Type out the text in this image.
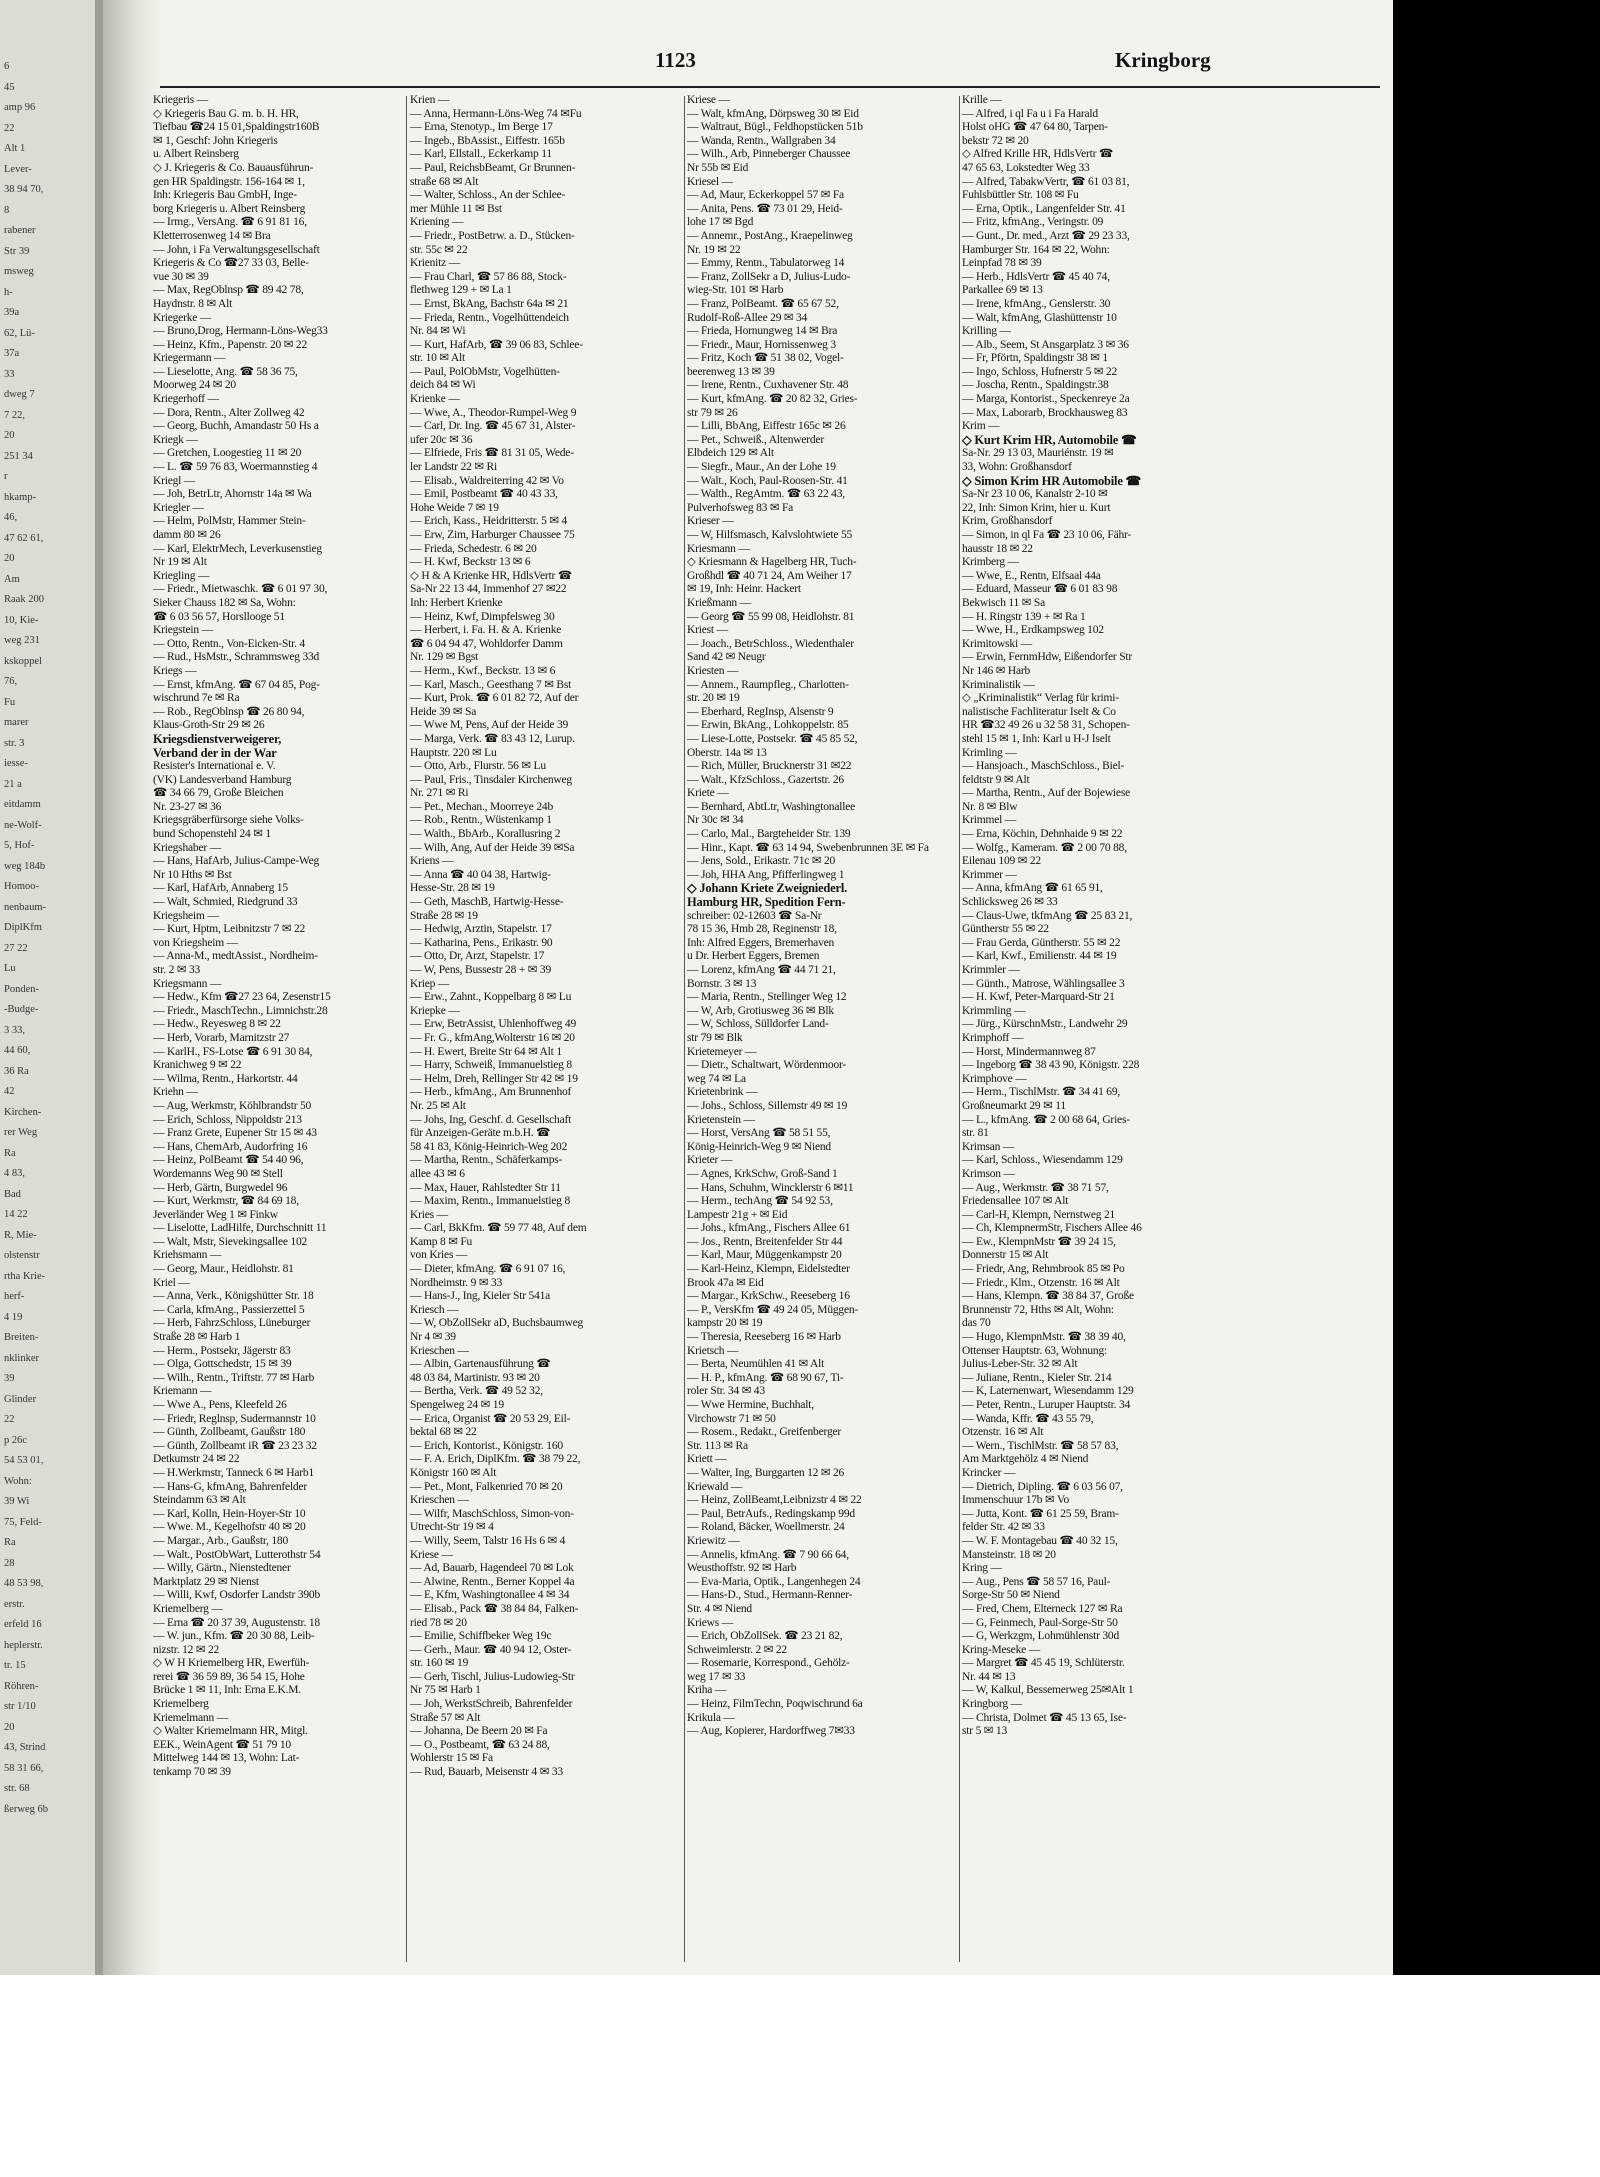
6
45
amp 96
22
Alt 1
Lever-
38 94 70,
8
rabener
Str 39
msweg
h-
39a
62, Lü-
37a
33
dweg 7
7 22,
20
251 34
r
hkamp-
46,
47 62 61,
20
Am
Raak 200
10, Kie-
weg 231
kskoppel
76,
Fu
marer
str. 3
iesse-
21 a
eitdamm
ne-Wolf-
5, Hof-
weg 184b
Homoo-
nenbaum-
DiplKfm
27 22
Lu
Ponden-
-Budge-
3 33,
44 60,
36 Ra
42
Kirchen-
rer Weg
Ra
4 83,
Bad
14 22
R, Mie-
olstenstr
rtha Krie-
herf-
4 19
Breiten-
nklinker
39
Glinder
22
p 26c
54 53 01,
Wohn:
39 Wi
75, Feld-
Ra
28
48 53 98,
erstr.
erfeld 16
heplerstr.
tr. 15
Röhren-
str 1/10
20
43, Strind
58 31 66,
str. 68
ßerweg 6b
1123	Kringborg
Kriegeris —
◇ Kriegeris Bau G. m. b. H. HR,
Tiefbau ☎24 15 01,Spaldingstr160B
✉ 1, Geschf: John Kriegeris
u. Albert Reinsberg
◇ J. Kriegeris & Co. Bauausführun-
gen HR Spaldingstr. 156-164 ✉ 1,
Inh: Kriegeris Bau GmbH, Inge-
borg Kriegeris u. Albert Reinsberg
— Irmg., VersAng. ☎ 6 91 81 16,
Kletterrosenweg 14 ✉ Bra
— John, i Fa Verwaltungsgesellschaft
Kriegeris & Co ☎27 33 03, Belle-
vue 30 ✉ 39
— Max, RegOblnsp ☎ 89 42 78,
Haydnstr. 8 ✉ Alt
Kriegerke —
— Bruno,Drog, Hermann-Löns-Weg33
— Heinz, Kfm., Papenstr. 20 ✉ 22
Kriegermann —
— Lieselotte, Ang. ☎ 58 36 75,
Moorweg 24 ✉ 20
Kriegerhoff —
— Dora, Rentn., Alter Zollweg 42
— Georg, Buchh, Amandastr 50 Hs a
Kriegk —
— Gretchen, Loogestieg 11 ✉ 20
— L. ☎ 59 76 83, Woermannstieg 4
Kriegl —
— Joh, BetrLtr, Ahornstr 14a ✉ Wa
Kriegler —
— Helm, PolMstr, Hammer Stein-
damm 80 ✉ 26
— Karl, ElektrMech, Leverkusenstieg
Nr 19 ✉ Alt
Kriegling —
— Friedr., Mietwaschk. ☎ 6 01 97 30,
Sieker Chauss 182 ✉ Sa, Wohn:
☎ 6 03 56 57, Horsllooge 51
Kriegstein —
— Otto, Rentn., Von-Eicken-Str. 4
— Rud., HsMstr., Schrammsweg 33d
Kriegs —
— Ernst, kfmAng. ☎ 67 04 85, Pog-
wischrund 7e ✉ Ra
— Rob., RegOblnsp ☎ 26 80 94,
Klaus-Groth-Str 29 ✉ 26
Kriegsdienstverweigerer,
Verband der in der War
Resister's International e. V.
(VK) Landesverband Hamburg
☎ 34 66 79, Große Bleichen
Nr. 23-27 ✉ 36
Kriegsgräberfürsorge siehe Volks-
bund Schopenstehl 24 ✉ 1
Kriegshaber —
— Hans, HafArb, Julius-Campe-Weg
Nr 10 Hths ✉ Bst
— Karl, HafArb, Annaberg 15
— Walt, Schmied, Riedgrund 33
Kriegsheim —
— Kurt, Hptm, Leibnitzstr 7 ✉ 22
von Kriegsheim —
— Anna-M., medtAssist., Nordheim-
str. 2 ✉ 33
Kriegsmann —
— Hedw., Kfm ☎27 23 64, Zesenstr15
— Friedr., MaschTechn., Limnichstr.28
— Hedw., Reyesweg 8 ✉ 22
— Herb, Vorarb, Marnitzstr 27
— KarlH., FS-Lotse ☎ 6 91 30 84,
Kranichweg 9 ✉ 22
— Wilma, Rentn., Harkortstr. 44
Kriehn —
— Aug, Werkmstr, Köhlbrandstr 50
— Erich, Schloss, Nippoldstr 213
— Franz Grete, Eupener Str 15 ✉ 43
— Hans, ChemArb, Audorfring 16
— Heinz, PolBeamt ☎ 54 40 96,
Wordemanns Weg 90 ✉ Stell
— Herb, Gärtn, Burgwedel 96
— Kurt, Werkmstr, ☎ 84 69 18,
Jeverländer Weg 1 ✉ Finkw
— Liselotte, LadHilfe, Durchschnitt 11
— Walt, Mstr, Sievekingsallee 102
Kriehsmann —
— Georg, Maur., Heidlohstr. 81
Kriel —
— Anna, Verk., Königshütter Str. 18
— Carla, kfmAng., Passierzettel 5
— Herb, FahrzSchloss, Lüneburger
Straße 28 ✉ Harb 1
— Herm., Postsekr, Jägerstr 83
— Olga, Gottschedstr, 15 ✉ 39
— Wilh., Rentn., Triftstr. 77 ✉ Harb
Kriemann —
— Wwe A., Pens, Kleefeld 26
— Friedr, Reglnsp, Sudermannstr 10
— Günth, Zollbeamt, Gaußstr 180
— Günth, Zollbeamt iR ☎ 23 23 32
Detkumstr 24 ✉ 22
— H.Werkmstr, Tanneck 6 ✉ Harb1
— Hans-G, kfmAng, Bahrenfelder
Steindamm 63 ✉ Alt
— Karl, Kolln, Hein-Hoyer-Str 10
— Wwe. M., Kegelhofstr 40 ✉ 20
— Margar., Arb., Gaußstr, 180
— Walt., PostObWart, Lutterothstr 54
— Willy, Gärtn., Nienstedtener
Marktplatz 29 ✉ Nienst
— Willi, Kwf, Osdorfer Landstr 390b
Kriemelberg —
— Erna ☎ 20 37 39, Augustenstr. 18
— W. jun., Kfm. ☎ 20 30 88, Leib-
nizstr. 12 ✉ 22
◇ W H Kriemelberg HR, Ewerfüh-
rerei ☎ 36 59 89, 36 54 15, Hohe
Brücke 1 ✉ 11, Inh: Erna E.K.M.
Kriemelberg
Kriemelmann —
◇ Walter Kriemelmann HR, Mitgl.
EEK., WeinAgent ☎ 51 79 10
Mittelweg 144 ✉ 13, Wohn: Lat-
tenkamp 70 ✉ 39
Krien —
— Anna, Hermann-Löns-Weg 74 ✉Fu
— Erna, Stenotyp., Im Berge 17
— Ingeb., BbAssist., Eiffestr. 165b
— Karl, Ellstall., Eckerkamp 11
— Paul, ReichsbBeamt, Gr Brunnen-
straße 68 ✉ Alt
— Walter, Schloss., An der Schlee-
mer Mühle 11 ✉ Bst
Kriening —
— Friedr., PostBetrw. a. D., Stücken-
str. 55c ✉ 22
Krienitz —
— Frau Charl, ☎ 57 86 88, Stock-
flethweg 129 + ✉ La 1
— Ernst, BkAng, Bachstr 64a ✉ 21
— Frieda, Rentn., Vogelhüttendeich
Nr. 84 ✉ Wi
— Kurt, HafArb, ☎ 39 06 83, Schlee-
str. 10 ✉ Alt
— Paul, PolObMstr, Vogelhütten-
deich 84 ✉ Wi
Krienke —
— Wwe, A., Theodor-Rumpel-Weg 9
— Carl, Dr. Ing. ☎ 45 67 31, Alster-
ufer 20c ✉ 36
— Elfriede, Fris ☎ 81 31 05, Wede-
ler Landstr 22 ✉ Ri
— Elisab., Waldreiterring 42 ✉ Vo
— Emil, Postbeamt ☎ 40 43 33,
Hohe Weide 7 ✉ 19
— Erich, Kass., Heidritterstr. 5 ✉ 4
— Erw, Zim, Harburger Chaussee 75
— Frieda, Schedestr. 6 ✉ 20
— H. Kwf, Beckstr 13 ✉ 6
◇ H & A Krienke HR, HdlsVertr ☎
Sa-Nr 22 13 44, Immenhof 27 ✉22
Inh: Herbert Krienke
— Heinz, Kwf, Dimpfelsweg 30
— Herbert, i. Fa. H. & A. Krienke
☎ 6 04 94 47, Wohldorfer Damm
Nr. 129 ✉ Bgst
— Herm., Kwf., Beckstr. 13 ✉ 6
— Karl, Masch., Geesthang 7 ✉ Bst
— Kurt, Prok. ☎ 6 01 82 72, Auf der
Heide 39 ✉ Sa
— Wwe M, Pens, Auf der Heide 39
— Marga, Verk. ☎ 83 43 12, Lurup.
Hauptstr. 220 ✉ Lu
— Otto, Arb., Flurstr. 56 ✉ Lu
— Paul, Fris., Tinsdaler Kirchenweg
Nr. 271 ✉ Ri
— Pet., Mechan., Moorreye 24b
— Rob., Rentn., Wüstenkamp 1
— Walth., BbArb., Korallusring 2
— Wilh, Ang, Auf der Heide 39 ✉Sa
Kriens —
— Anna ☎ 40 04 38, Hartwig-
Hesse-Str. 28 ✉ 19
— Geth, MaschB, Hartwig-Hesse-
Straße 28 ✉ 19
— Hedwig, Arztin, Stapelstr. 17
— Katharina, Pens., Erikastr. 90
— Otto, Dr, Arzt, Stapelstr. 17
— W, Pens, Bussestr 28 + ✉ 39
Kriep —
— Erw., Zahnt., Koppelbarg 8 ✉ Lu
Kriepke —
— Erw, BetrAssist, Uhlenhoffweg 49
— Fr. G., kfmAng,Wolterstr 16 ✉ 20
— H. Ewert, Breite Str 64 ✉ Alt 1
— Harry, Schweiß, Immanuelstieg 8
— Helm, Dreh, Rellinger Str 42 ✉ 19
— Herb., kfmAng., Am Brunnenhof
Nr. 25 ✉ Alt
— Johs, Ing, Geschf. d. Gesellschaft
für Anzeigen-Geräte m.b.H. ☎
58 41 83, König-Heinrich-Weg 202
— Martha, Rentn., Schäferkamps-
allee 43 ✉ 6
— Max, Hauer, Rahlstedter Str 11
— Maxim, Rentn., Immanuelstieg 8
Kries —
— Carl, BkKfm. ☎ 59 77 48, Auf dem
Kamp 8 ✉ Fu
von Kries —
— Dieter, kfmAng. ☎ 6 91 07 16,
Nordheimstr. 9 ✉ 33
— Hans-J., Ing, Kieler Str 541a
Kriesch —
— W, ObZollSekr aD, Buchsbaumweg
Nr 4 ✉ 39
Krieschen —
— Albin, Gartenausführung ☎
48 03 84, Martinistr. 93 ✉ 20
— Bertha, Verk. ☎ 49 52 32,
Spengelweg 24 ✉ 19
— Erica, Organist ☎ 20 53 29, Eil-
bektal 68 ✉ 22
— Erich, Kontorist., Königstr. 160
— F. A. Erich, DiplKfm. ☎ 38 79 22,
Königstr 160 ✉ Alt
— Pet., Mont, Falkenried 70 ✉ 20
Krieschen —
— Wilfr, MaschSchloss, Simon-von-
Utrecht-Str 19 ✉ 4
— Willy, Seem, Talstr 16 Hs 6 ✉ 4
Kriese —
— Ad, Bauarb, Hagendeel 70 ✉ Lok
— Alwine, Rentn., Berner Koppel 4a
— E, Kfm, Washingtonallee 4 ✉ 34
— Elisab., Pack ☎ 38 84 84, Falken-
ried 78 ✉ 20
— Emilie, Schiffbeker Weg 19c
— Gerh., Maur. ☎ 40 94 12, Oster-
str. 160 ✉ 19
— Gerh, Tischl, Julius-Ludowieg-Str
Nr 75 ✉ Harb 1
— Joh, WerkstSchreib, Bahrenfelder
Straße 57 ✉ Alt
— Johanna, De Beern 20 ✉ Fa
— O., Postbeamt, ☎ 63 24 88,
Wohlerstr 15 ✉ Fa
— Rud, Bauarb, Meisenstr 4 ✉ 33
Kriese —
— Walt, kfmAng, Dörpsweg 30 ✉ Eid
— Waltraut, Bügl., Feldhopstücken 51b
— Wanda, Rentn., Wallgraben 34
— Wilh., Arb, Pinneberger Chaussee
Nr 55b ✉ Eid
Kriesel —
— Ad, Maur, Eckerkoppel 57 ✉ Fa
— Anita, Pens. ☎ 73 01 29, Heid-
lohe 17 ✉ Bgd
— Annemr., PostAng., Kraepelinweg
Nr. 19 ✉ 22
— Emmy, Rentn., Tabulatorweg 14
— Franz, ZollSekr a D, Julius-Ludo-
wieg-Str. 101 ✉ Harb
— Franz, PolBeamt. ☎ 65 67 52,
Rudolf-Roß-Allee 29 ✉ 34
— Frieda, Hornungweg 14 ✉ Bra
— Friedr., Maur, Hornissenweg 3
— Fritz, Koch ☎ 51 38 02, Vogel-
beerenweg 13 ✉ 39
— Irene, Rentn., Cuxhavener Str. 48
— Kurt, kfmAng. ☎ 20 82 32, Gries-
str 79 ✉ 26
— Lilli, BbAng, Eiffestr 165c ✉ 26
— Pet., Schweiß., Altenwerder
Elbdeich 129 ✉ Alt
— Siegfr., Maur., An der Lohe 19
— Walt., Koch, Paul-Roosen-Str. 41
— Walth., RegAmtm. ☎ 63 22 43,
Pulverhofsweg 83 ✉ Fa
Krieser —
— W, Hilfsmasch, Kalvslohtwiete 55
Kriesmann —
◇ Kriesmann & Hagelberg HR, Tuch-
Großhdl ☎ 40 71 24, Am Weiher 17
✉ 19, Inh: Heinr. Hackert
Krießmann —
— Georg ☎ 55 99 08, Heidlohstr. 81
Kriest —
— Joach., BetrSchloss., Wiedenthaler
Sand 42 ✉ Neugr
Kriesten —
— Annem., Raumpfleg., Charlotten-
str. 20 ✉ 19
— Eberhard, RegInsp, Alsenstr 9
— Erwin, BkAng., Lohkoppelstr. 85
— Liese-Lotte, Postsekr. ☎ 45 85 52,
Oberstr. 14a ✉ 13
— Rich, Müller, Brucknerstr 31 ✉22
— Walt., KfzSchloss., Gazertstr. 26
Kriete —
— Bernhard, AbtLtr, Washingtonallee
Nr 30c ✉ 34
— Carlo, Mal., Bargteheider Str. 139
— Hinr., Kapt. ☎ 63 14 94, Swebenbrunnen 3E ✉ Fa
— Jens, Sold., Erikastr. 71c ✉ 20
— Joh, HHA Ang, Pfifferlingweg 1
◇ Johann Kriete Zweigniederl.
Hamburg HR, Spedition Fern-
schreiber: 02-12603 ☎ Sa-Nr
78 15 36, Hmb 28, Reginenstr 18,
Inh: Alfred Eggers, Bremerhaven
u Dr. Herbert Eggers, Bremen
— Lorenz, kfmAng ☎ 44 71 21,
Bornstr. 3 ✉ 13
— Maria, Rentn., Stellinger Weg 12
— W, Arb, Grotiusweg 36 ✉ Blk
— W, Schloss, Sülldorfer Land-
str 79 ✉ Blk
Krietemeyer —
— Dietr., Schaltwart, Wördenmoor-
weg 74 ✉ La
Krietenbrink —
— Johs., Schloss, Sillemstr 49 ✉ 19
Krietenstein —
— Horst, VersAng ☎ 58 51 55,
König-Heinrich-Weg 9 ✉ Niend
Krieter —
— Agnes, KrkSchw, Groß-Sand 1
— Hans, Schuhm, Wincklerstr 6 ✉11
— Herm., techAng ☎ 54 92 53,
Lampestr 21g + ✉ Eid
— Johs., kfmAng., Fischers Allee 61
— Jos., Rentn, Breitenfelder Str 44
— Karl, Maur, Müggenkampstr 20
— Karl-Heinz, Klempn, Eidelstedter
Brook 47a ✉ Eid
— Margar., KrkSchw., Reeseberg 16
— P., VersKfm ☎ 49 24 05, Müggen-
kampstr 20 ✉ 19
— Theresia, Reeseberg 16 ✉ Harb
Krietsch —
— Berta, Neumühlen 41 ✉ Alt
— H. P., kfmAng. ☎ 68 90 67, Ti-
roler Str. 34 ✉ 43
— Wwe Hermine, Buchhalt,
Virchowstr 71 ✉ 50
— Rosem., Redakt., Greifenberger
Str. 113 ✉ Ra
Kriett —
— Walter, Ing, Burggarten 12 ✉ 26
Kriewald —
— Heinz, ZollBeamt,Leibnizstr 4 ✉ 22
— Paul, BetrAufs., Redingskamp 99d
— Roland, Bäcker, Woellmerstr. 24
Kriewitz —
— Annelis, kfmAng. ☎ 7 90 66 64,
Weusthoffstr. 92 ✉ Harb
— Eva-Maria, Optik., Langenhegen 24
— Hans-D., Stud., Hermann-Renner-
Str. 4 ✉ Niend
Kriews —
— Erich, ObZollSek. ☎ 23 21 82,
Schweimlerstr. 2 ✉ 22
— Rosemarie, Korrespond., Gehölz-
weg 17 ✉ 33
Kriha —
— Heinz, FilmTechn, Poqwischrund 6a
Krikula —
— Aug, Kopierer, Hardorffweg 7✉33
Krille —
— Alfred, i ql Fa u i Fa Harald
Holst oHG ☎ 47 64 80, Tarpen-
bekstr 72 ✉ 20
◇ Alfred Krille HR, HdlsVertr ☎
47 65 63, Lokstedter Weg 33
— Alfred, TabakwVertr, ☎ 61 03 81,
Fuhlsbüttler Str. 108 ✉ Fu
— Erna, Optik., Langenfelder Str. 41
— Fritz, kfmAng., Veringstr. 09
— Gunt., Dr. med., Arzt ☎ 29 23 33,
Hamburger Str. 164 ✉ 22, Wohn:
Leinpfad 78 ✉ 39
— Herb., HdlsVertr ☎ 45 40 74,
Parkallee 69 ✉ 13
— Irene, kfmAng., Genslerstr. 30
— Walt, kfmAng, Glashüttenstr 10
Krilling —
— Alb., Seem, St Ansgarplatz 3 ✉ 36
— Fr, Pförtn, Spaldingstr 38 ✉ 1
— Ingo, Schloss, Hufnerstr 5 ✉ 22
— Joscha, Rentn., Spaldingstr.38
— Marga, Kontorist., Speckenreye 2a
— Max, Laborarb, Brockhausweg 83
Krim —
◇ Kurt Krim HR, Automobile ☎
Sa-Nr. 29 13 03, Mauriénstr. 19 ✉
33, Wohn: Großhansdorf
◇ Simon Krim HR Automobile ☎
Sa-Nr 23 10 06, Kanalstr 2-10 ✉
22, Inh: Simon Krim, hier u. Kurt
Krim, Großhansdorf
— Simon, in ql Fa ☎ 23 10 06, Fähr-
hausstr 18 ✉ 22
Krimberg —
— Wwe, E., Rentn, Elfsaal 44a
— Eduard, Masseur ☎ 6 01 83 98
Bekwisch 11 ✉ Sa
— H. Ringstr 139 + ✉ Ra 1
— Wwe, H., Erdkampsweg 102
Krimitowski —
— Erwin, FernmHdw, Eißendorfer Str
Nr 146 ✉ Harb
Kriminalistik —
◇ „Kriminalistik“ Verlag für krimi-
nalistische Fachliteratur Iselt & Co
HR ☎32 49 26 u 32 58 31, Schopen-
stehl 15 ✉ 1, Inh: Karl u H-J Iselt
Krimling —
— Hansjoach., MaschSchloss., Biel-
feldtstr 9 ✉ Alt
— Martha, Rentn., Auf der Bojewiese
Nr. 8 ✉ Blw
Krimmel —
— Erna, Köchin, Dehnhaide 9 ✉ 22
— Wolfg., Kameram. ☎ 2 00 70 88,
Eilenau 109 ✉ 22
Krimmer —
— Anna, kfmAng ☎ 61 65 91,
Schlicksweg 26 ✉ 33
— Claus-Uwe, tkfmAng ☎ 25 83 21,
Güntherstr 55 ✉ 22
— Frau Gerda, Güntherstr. 55 ✉ 22
— Karl, Kwf., Emilienstr. 44 ✉ 19
Krimmler —
— Günth., Matrose, Wählingsallee 3
— H. Kwf, Peter-Marquard-Str 21
Krimmling —
— Jürg., KürschnMstr., Landwehr 29
Krimphoff —
— Horst, Mindermannweg 87
— Ingeborg ☎ 38 43 90, Königstr. 228
Krimphove —
— Herm., TischlMstr. ☎ 34 41 69,
Großneumarkt 29 ✉ 11
— L., kfmAng. ☎ 2 00 68 64, Gries-
str. 81
Krimsan —
— Karl, Schloss., Wiesendamm 129
Krimson —
— Aug., Werkmstr. ☎ 38 71 57,
Friedensallee 107 ✉ Alt
— Carl-H, Klempn, Nernstweg 21
— Ch, KlempnermStr, Fischers Allee 46
— Ew., KlempnMstr ☎ 39 24 15,
Donnerstr 15 ✉ Alt
— Friedr, Ang, Rehmbrook 85 ✉ Po
— Friedr., Klm., Otzenstr. 16 ✉ Alt
— Hans, Klempn. ☎ 38 84 37, Große
Brunnenstr 72, Hths ✉ Alt, Wohn:
das 70
— Hugo, KlempnMstr. ☎ 38 39 40,
Ottenser Hauptstr. 63, Wohnung:
Julius-Leber-Str. 32 ✉ Alt
— Juliane, Rentn., Kieler Str. 214
— K, Laternenwart, Wiesendamm 129
— Peter, Rentn., Luruper Hauptstr. 34
— Wanda, Kffr. ☎ 43 55 79,
Otzenstr. 16 ✉ Alt
— Wern., TischlMstr. ☎ 58 57 83,
Am Marktgehölz 4 ✉ Niend
Krincker —
— Dietrich, Dipling. ☎ 6 03 56 07,
Immenschuur 17b ✉ Vo
— Jutta, Kont. ☎ 61 25 59, Bram-
felder Str. 42 ✉ 33
— W. F. Montagebau ☎ 40 32 15,
Mansteinstr. 18 ✉ 20
Kring —
— Aug., Pens ☎ 58 57 16, Paul-
Sorge-Str 50 ✉ Niend
— Fred, Chem, Elterneck 127 ✉ Ra
— G, Feinmech, Paul-Sorge-Str 50
— G, Werkzgm, Lohmühlenstr 30d
Kring-Meseke —
— Margret ☎ 45 45 19, Schlüterstr.
Nr. 44 ✉ 13
— W, Kalkul, Bessemerweg 25✉Alt 1
Kringborg —
— Christa, Dolmet ☎ 45 13 65, Ise-
str 5 ✉ 13
